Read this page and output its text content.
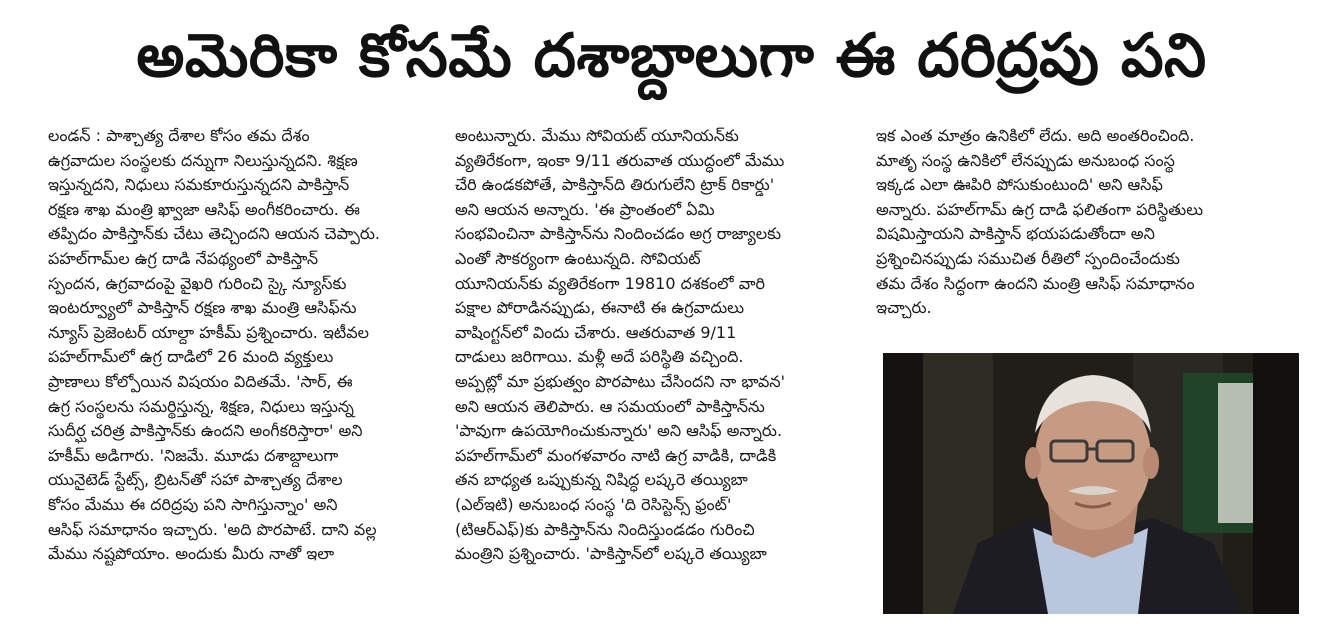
అమెరికా కోసమే దశాబ్దాలుగా ఈ దరిద్రపు పని

లండన్ : పాశ్చాత్య దేశాల కోసం తమ దేశం

ఉగ్రవాదుల సంస్థలకు దన్నుగా నిలుస్తున్నదని. శిక్షణ

ఇస్తున్నదని, నిధులు సమకూరుస్తున్నదని పాకిస్తాన్

రక్షణ శాఖ మంత్రి ఖ్వాజా ఆసిఫ్ అంగీకరించారు. ఈ

తప్పిదం పాకిస్తాన్‌కు చేటు తెచ్చిందని ఆయన చెప్పారు.

పహల్‌గామ్‌ల ఉగ్ర దాడి నేపథ్యంలో పాకిస్తాన్

స్పందన, ఉగ్రవాదంపై వైఖరి గురించి స్కై న్యూస్‌కు

ఇంటర్వ్యూలో పాకిస్తాన్ రక్షణ శాఖ మంత్రి ఆసిఫ్‌ను

న్యూస్ ప్రెజెంటర్ యాల్దా హకీమ్ ప్రశ్నించారు. ఇటీవల

పహల్‌గామ్‌లో ఉగ్ర దాడిలో 26 మంది వ్యక్తులు

ప్రాణాలు కోల్పోయిన విషయం విదితమే. 'సార్, ఈ

ఉగ్ర సంస్థలను సమర్థిస్తున్న, శిక్షణ, నిధులు ఇస్తున్న

సుదీర్ఘ చరిత్ర పాకిస్తాన్‌కు ఉందని అంగీకరిస్తారా' అని

హకీమ్ అడిగారు. 'నిజమే. మూడు దశాబ్దాలుగా

యునైటెడ్ స్టేట్స్, బ్రిటన్‌తో సహా పాశ్చాత్య దేశాల

కోసం మేము ఈ దరిద్రపు పని సాగిస్తున్నాం' అని

ఆసిఫ్ సమాధానం ఇచ్చారు. 'అది పొరపాటే. దాని వల్ల

మేము నష్టపోయాం. అందుకు మీరు నాతో ఇలా

అంటున్నారు. మేము సోవియట్ యూనియన్‌కు

వ్యతిరేకంగా, ఇంకా 9/11 తరువాత యుద్ధంలో మేము

చేరి ఉండకపోతే, పాకిస్తాన్‌ది తిరుగులేని ట్రాక్ రికార్డు'

అని ఆయన అన్నారు. 'ఈ ప్రాంతంలో ఏమి

సంభవించినా పాకిస్తాన్‌ను నిందించడం అగ్ర రాజ్యాలకు

ఎంతో సౌకర్యంగా ఉంటున్నది. సోవియట్

యూనియన్‌కు వ్యతిరేకంగా 19810 దశకంలో వారి

పక్షాల పోరాడినప్పుడు, ఈనాటి ఈ ఉగ్రవాదులు

వాషింగ్టన్‌లో విందు చేశారు. ఆతరువాత 9/11

దాడులు జరిగాయి. మళ్లీ అదే పరిస్థితి వచ్చింది.

అప్పట్లో మా ప్రభుత్వం పొరపాటు చేసిందని నా భావన'

అని ఆయన తెలిపారు. ఆ సమయంలో పాకిస్తాన్‌ను

'పావుగా ఉపయోగించుకున్నారు' అని ఆసిఫ్ అన్నారు.

పహల్‌గామ్‌లో మంగళవారం నాటి ఉగ్ర వాడికి, దాడికి

తన బాధ్యత ఒప్పుకున్న నిషిద్ధ లష్కరె తయ్యిబా

(ఎల్ఇటి) అనుబంధ సంస్థ 'ది రెసిస్టెన్స్ ఫ్రంట్'

(టిఆర్ఎఫ్)కు పాకిస్తాన్‌ను నిందిస్తుండడం గురించి

మంత్రిని ప్రశ్నించారు. 'పాకిస్తాన్‌లో లష్కరె తయ్యిబా

ఇక ఎంత మాత్రం ఉనికిలో లేదు. అది అంతరించింది.

మాతృ సంస్థ ఉనికిలో లేనప్పుడు అనుబంధ సంస్థ

ఇక్కడ ఎలా ఊపిరి పోసుకుంటుంది' అని ఆసిఫ్

అన్నారు. పహల్‌గామ్ ఉగ్ర దాడి ఫలితంగా పరిస్థితులు

విషమిస్తాయని పాకిస్తాన్ భయపడుతోందా అని

ప్రశ్నించినప్పుడు సముచిత రీతిలో స్పందించేందుకు

తమ దేశం సిద్ధంగా ఉందని మంత్రి ఆసిఫ్ సమాధానం

ఇచ్చారు.
